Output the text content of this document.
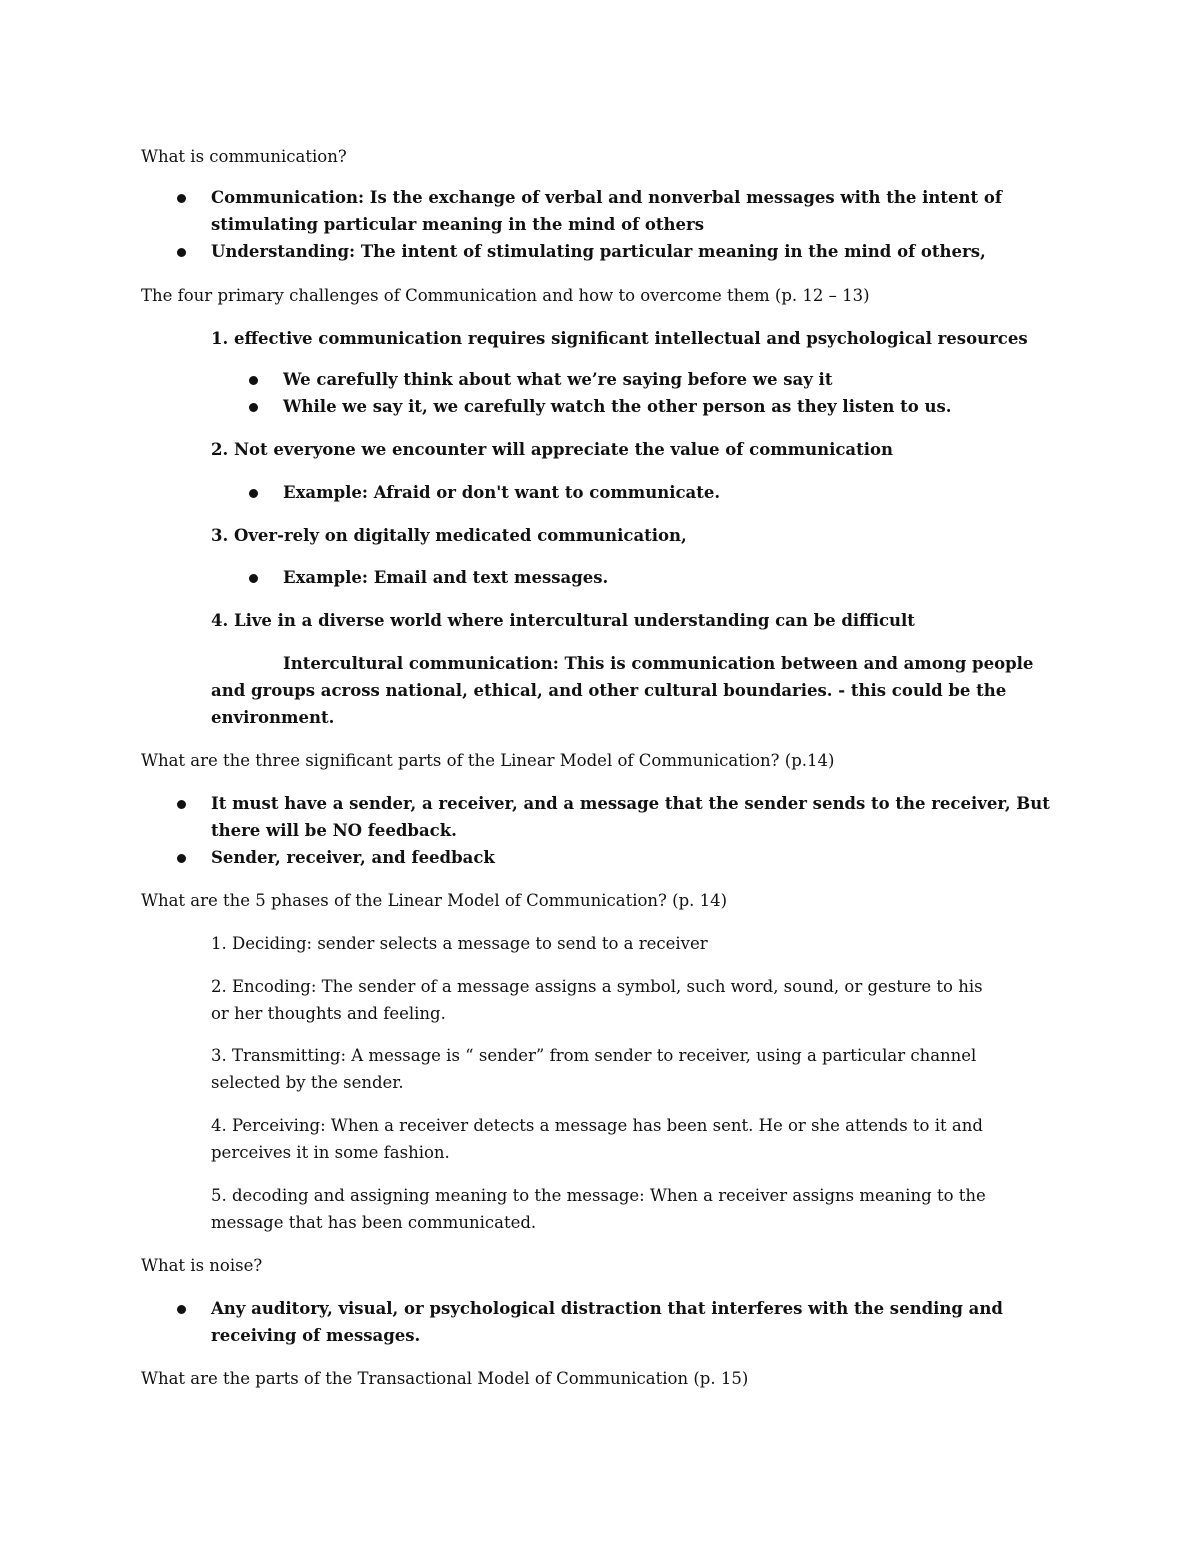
What is communication?

Communication: Is the exchange of verbal and nonverbal messages with the intent of

stimulating particular meaning in the mind of others

Understanding: The intent of stimulating particular meaning in the mind of others,

The four primary challenges of Communication and how to overcome them (p. 12 – 13)

1. effective communication requires significant intellectual and psychological resources

We carefully think about what we’re saying before we say it

While we say it, we carefully watch the other person as they listen to us.

2. Not everyone we encounter will appreciate the value of communication

Example: Afraid or don't want to communicate.

3. Over-rely on digitally medicated communication,

Example: Email and text messages.

4. Live in a diverse world where intercultural understanding can be difficult

Intercultural communication: This is communication between and among people

and groups across national, ethical, and other cultural boundaries. - this could be the

environment.

What are the three significant parts of the Linear Model of Communication? (p.14)

It must have a sender, a receiver, and a message that the sender sends to the receiver, But

there will be NO feedback.

Sender, receiver, and feedback

What are the 5 phases of the Linear Model of Communication? (p. 14)

1. Deciding: sender selects a message to send to a receiver

2. Encoding: The sender of a message assigns a symbol, such word, sound, or gesture to his

or her thoughts and feeling.

3. Transmitting: A message is “ sender” from sender to receiver, using a particular channel

selected by the sender.

4. Perceiving: When a receiver detects a message has been sent. He or she attends to it and

perceives it in some fashion.

5. decoding and assigning meaning to the message: When a receiver assigns meaning to the

message that has been communicated.

What is noise?

Any auditory, visual, or psychological distraction that interferes with the sending and

receiving of messages.

What are the parts of the Transactional Model of Communication (p. 15)
